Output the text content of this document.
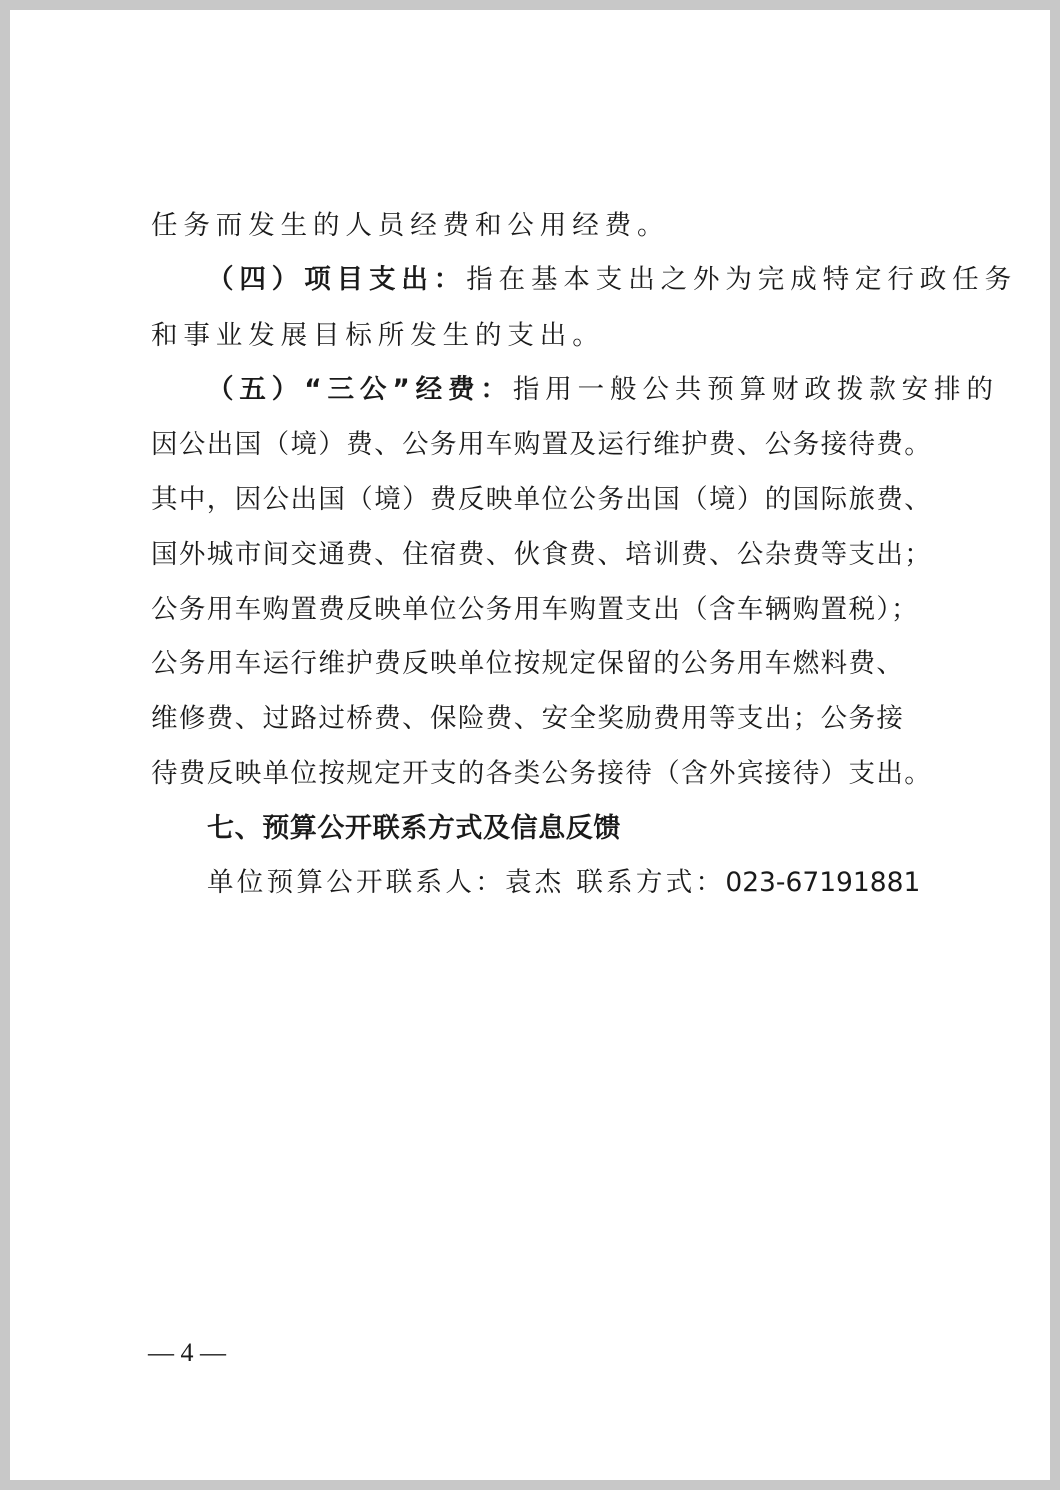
任务而发生的人员经费和公用经费。
（四）项目支出：指在基本支出之外为完成特定行政任务
和事业发展目标所发生的支出。
（五）“三公”经费：指用一般公共预算财政拨款安排的
因公出国（境）费、公务用车购置及运行维护费、公务接待费。
其中，因公出国（境）费反映单位公务出国（境）的国际旅费、
国外城市间交通费、住宿费、伙食费、培训费、公杂费等支出；
公务用车购置费反映单位公务用车购置支出（含车辆购置税）；
公务用车运行维护费反映单位按规定保留的公务用车燃料费、
维修费、过路过桥费、保险费、安全奖励费用等支出；公务接
待费反映单位按规定开支的各类公务接待（含外宾接待）支出。
七、预算公开联系方式及信息反馈
单位预算公开联系人：袁杰 联系方式：023-67191881
— 4 —
